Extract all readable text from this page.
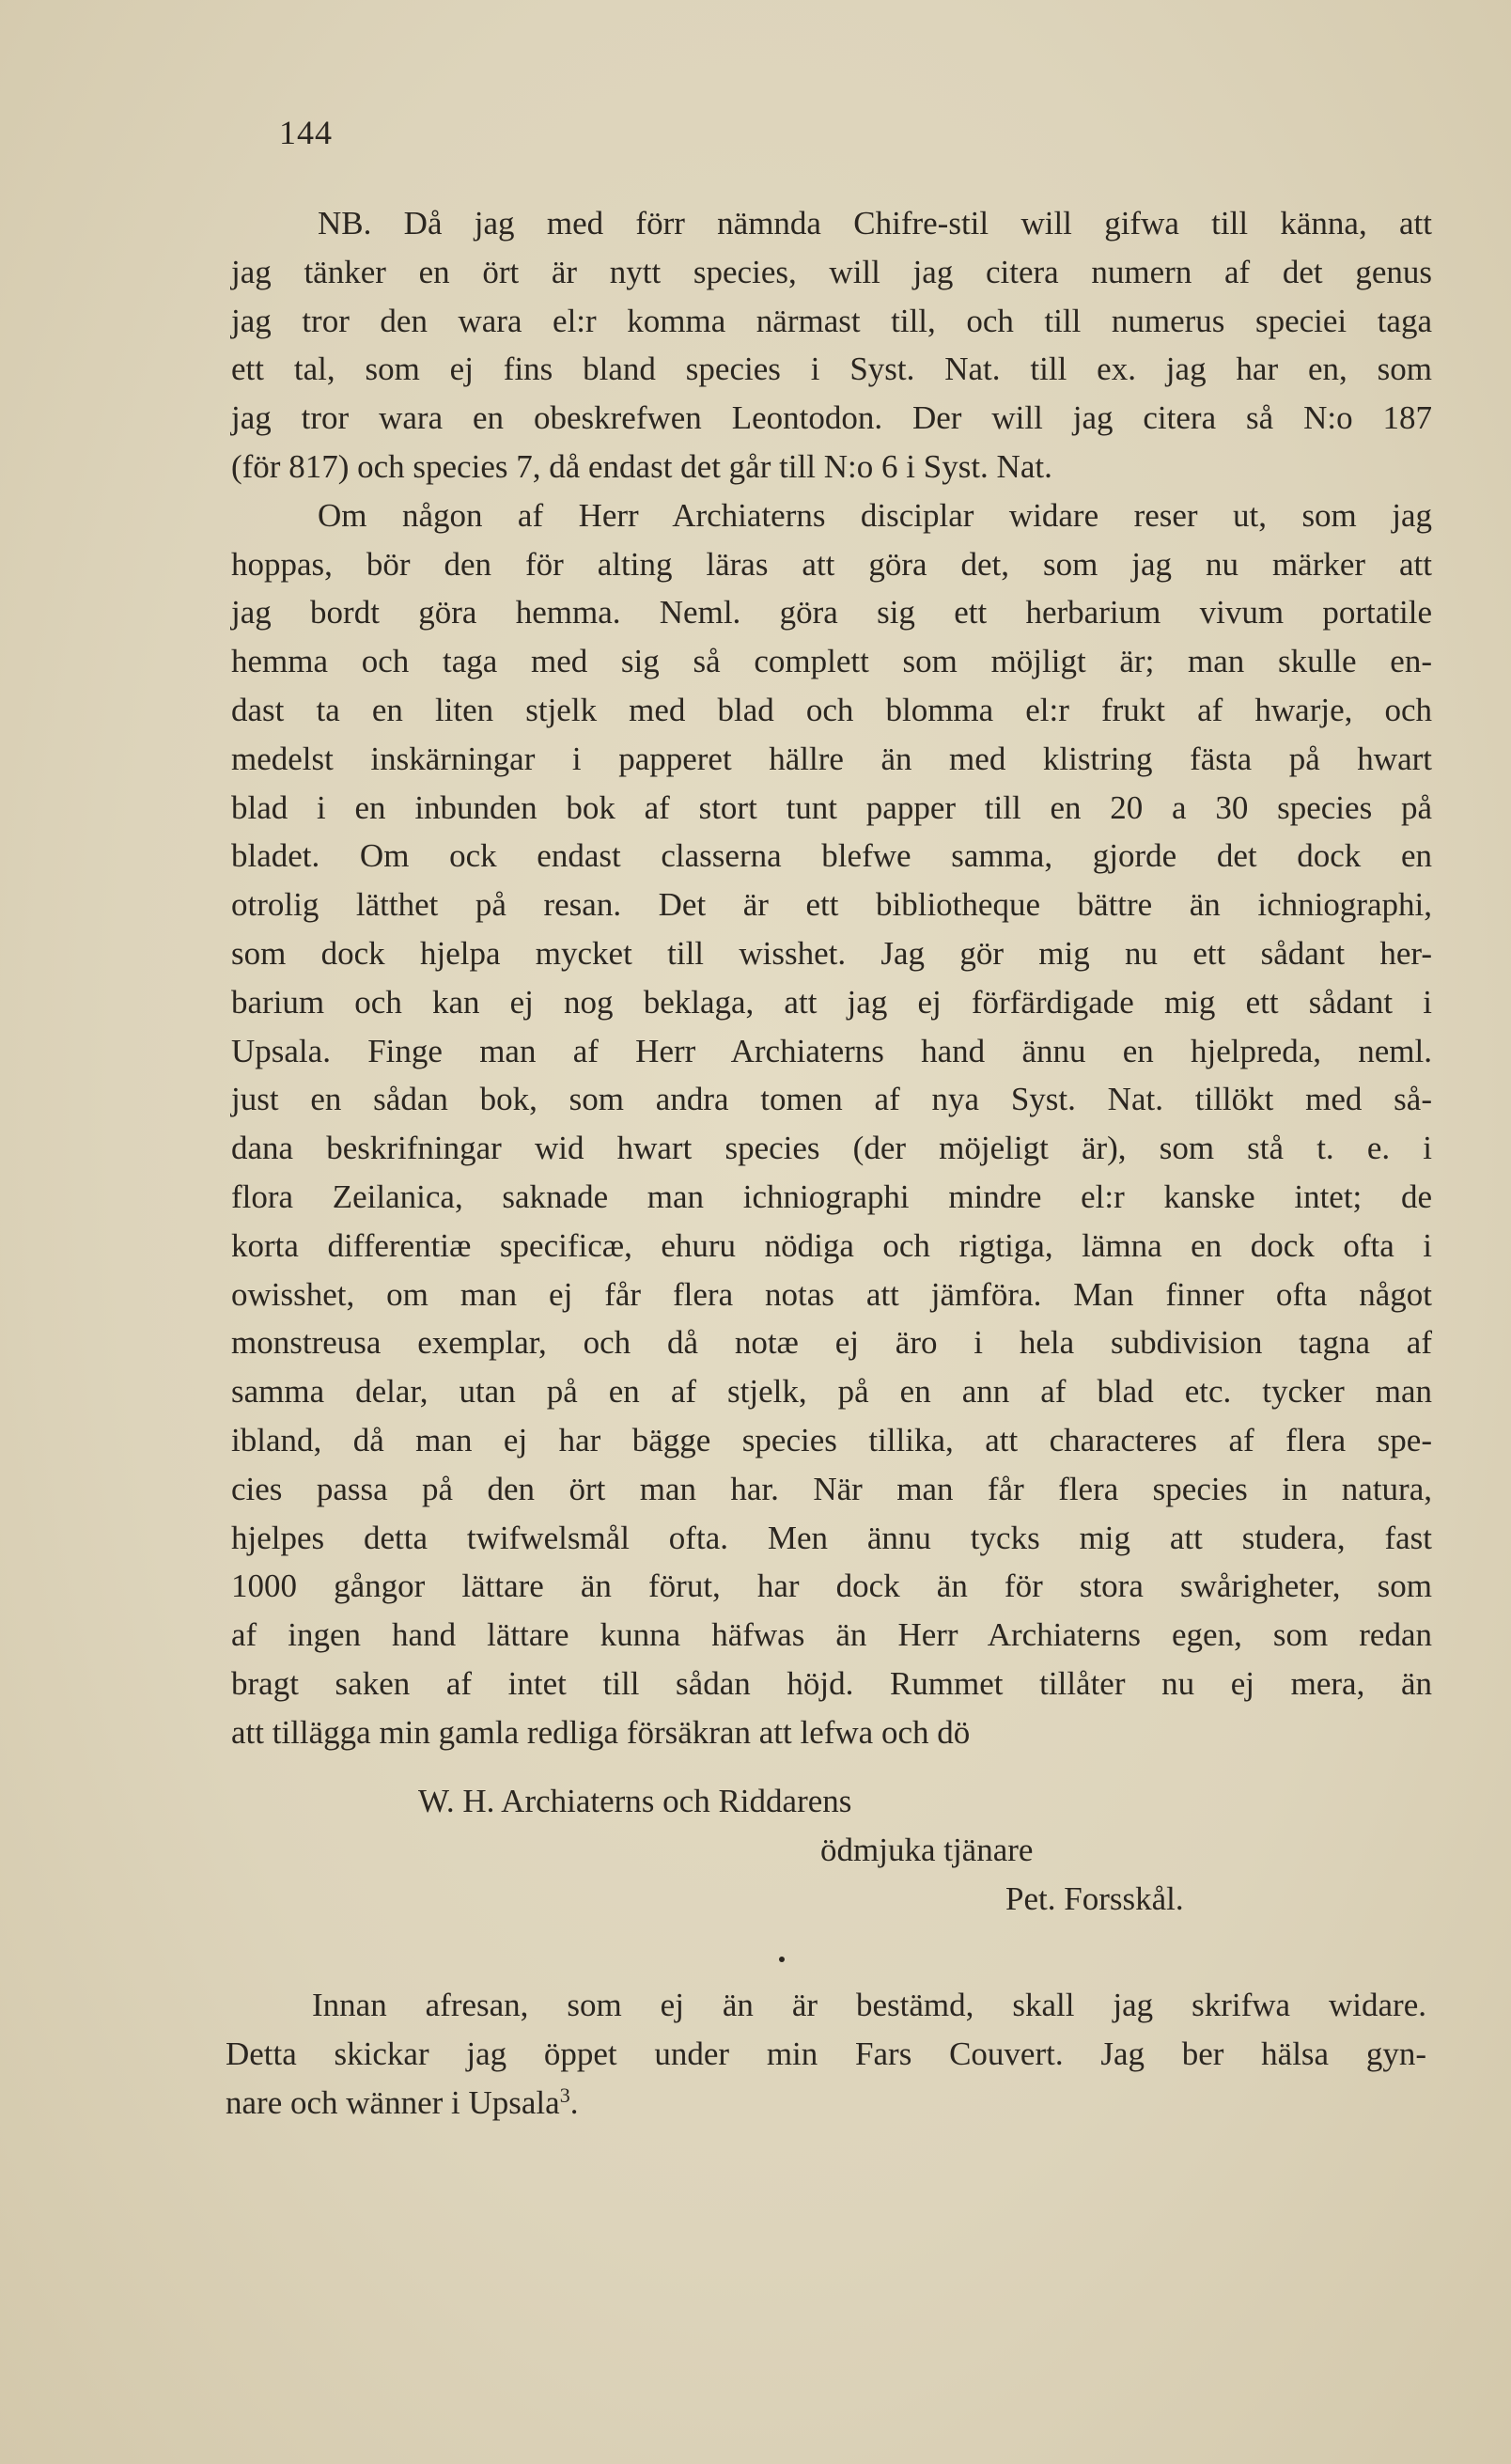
144
NB. Då jag med förr nämnda Chifre-stil will gifwa till känna, att
jag tänker en ört är nytt species, will jag citera numern af det genus
jag tror den wara el:r komma närmast till, och till numerus speciei taga
ett tal, som ej fins bland species i Syst. Nat. till ex. jag har en, som
jag tror wara en obeskrefwen Leontodon. Der will jag citera så N:o 187
(för 817) och species 7, då endast det går till N:o 6 i Syst. Nat.
Om någon af Herr Archiaterns disciplar widare reser ut, som jag
hoppas, bör den för alting läras att göra det, som jag nu märker att
jag bordt göra hemma. Neml. göra sig ett herbarium vivum portatile
hemma och taga med sig så complett som möjligt är; man skulle en-
dast ta en liten stjelk med blad och blomma el:r frukt af hwarje, och
medelst inskärningar i papperet hällre än med klistring fästa på hwart
blad i en inbunden bok af stort tunt papper till en 20 a 30 species på
bladet. Om ock endast classerna blefwe samma, gjorde det dock en
otrolig lätthet på resan. Det är ett bibliotheque bättre än ichniographi,
som dock hjelpa mycket till wisshet. Jag gör mig nu ett sådant her-
barium och kan ej nog beklaga, att jag ej förfärdigade mig ett sådant i
Upsala. Finge man af Herr Archiaterns hand ännu en hjelpreda, neml.
just en sådan bok, som andra tomen af nya Syst. Nat. tillökt med så-
dana beskrifningar wid hwart species (der möjeligt är), som stå t. e. i
flora Zeilanica, saknade man ichniographi mindre el:r kanske intet; de
korta differentiæ specificæ, ehuru nödiga och rigtiga, lämna en dock ofta i
owisshet, om man ej får flera notas att jämföra. Man finner ofta något
monstreusa exemplar, och då notæ ej äro i hela subdivision tagna af
samma delar, utan på en af stjelk, på en ann af blad etc. tycker man
ibland, då man ej har bägge species tillika, att characteres af flera spe-
cies passa på den ört man har. När man får flera species in natura,
hjelpes detta twifwelsmål ofta. Men ännu tycks mig att studera, fast
1000 gångor lättare än förut, har dock än för stora swårigheter, som
af ingen hand lättare kunna häfwas än Herr Archiaterns egen, som redan
bragt saken af intet till sådan höjd. Rummet tillåter nu ej mera, än
att tillägga min gamla redliga försäkran att lefwa och dö
W. H. Archiaterns och Riddarens
ödmjuka tjänare
Pet. Forsskål.
Innan afresan, som ej än är bestämd, skall jag skrifwa widare.
Detta skickar jag öppet under min Fars Couvert. Jag ber hälsa gyn-
nare och wänner i Upsala$^3$.
